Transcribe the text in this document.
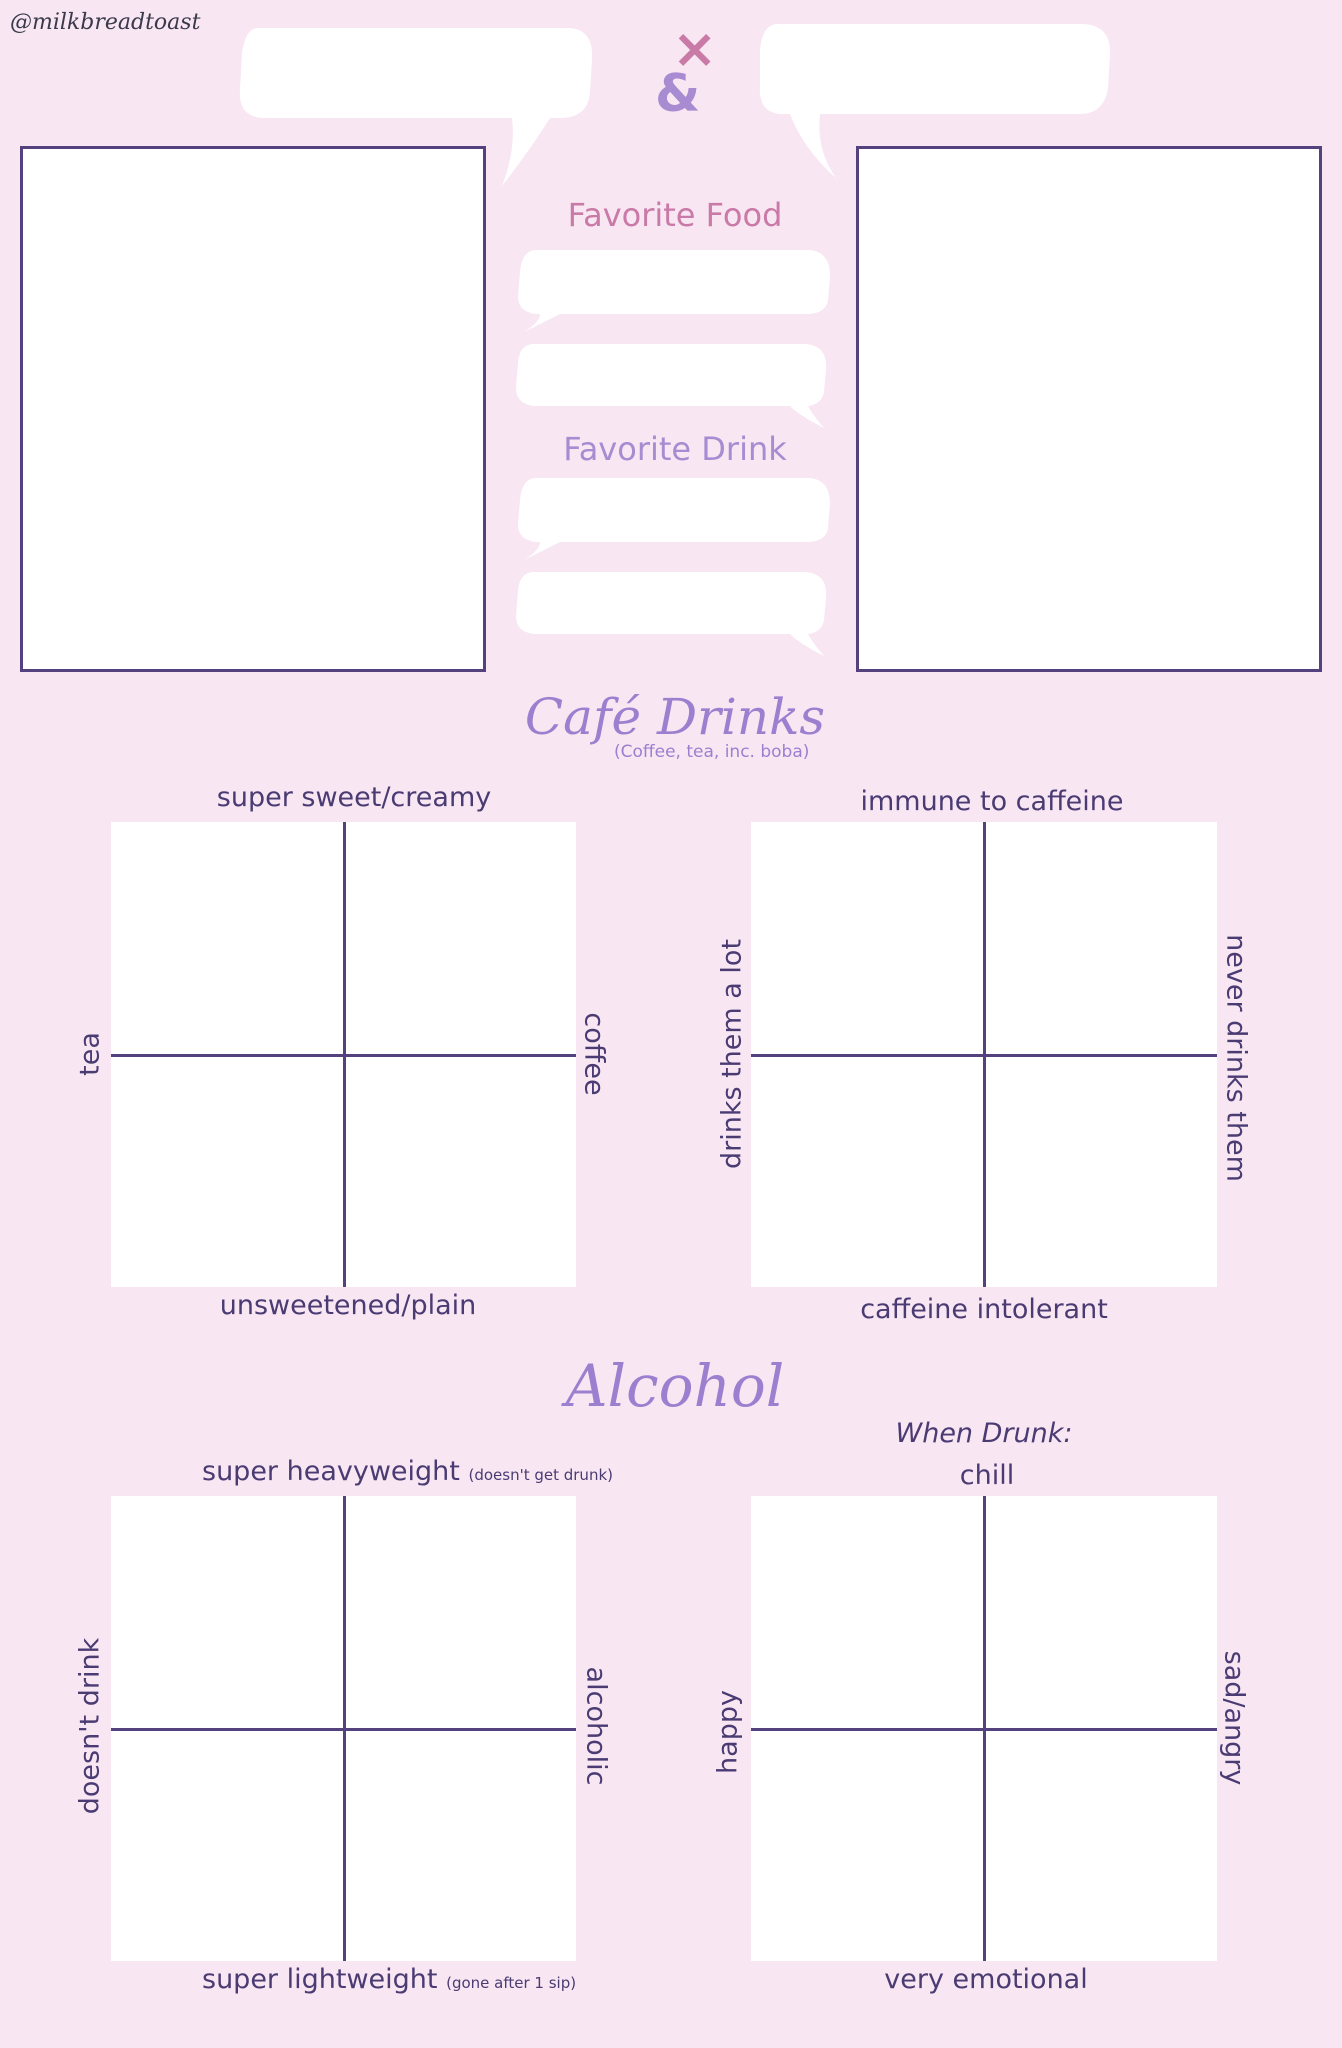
@milkbreadtoast	×
&
Favorite Food
Favorite Drink
Café Drinks
(Coffee, tea, inc. boba)
super sweet/creamy
tea	coffee
unsweetened/plain
immune to caffeine
drinks them a lot	never drinks them
caffeine intolerant
Alcohol
super heavyweight (doesn't get drunk)
doesn't drink	alcoholic
super lightweight (gone after 1 sip)
When Drunk:
chill
happy	sad/angry
very emotional
